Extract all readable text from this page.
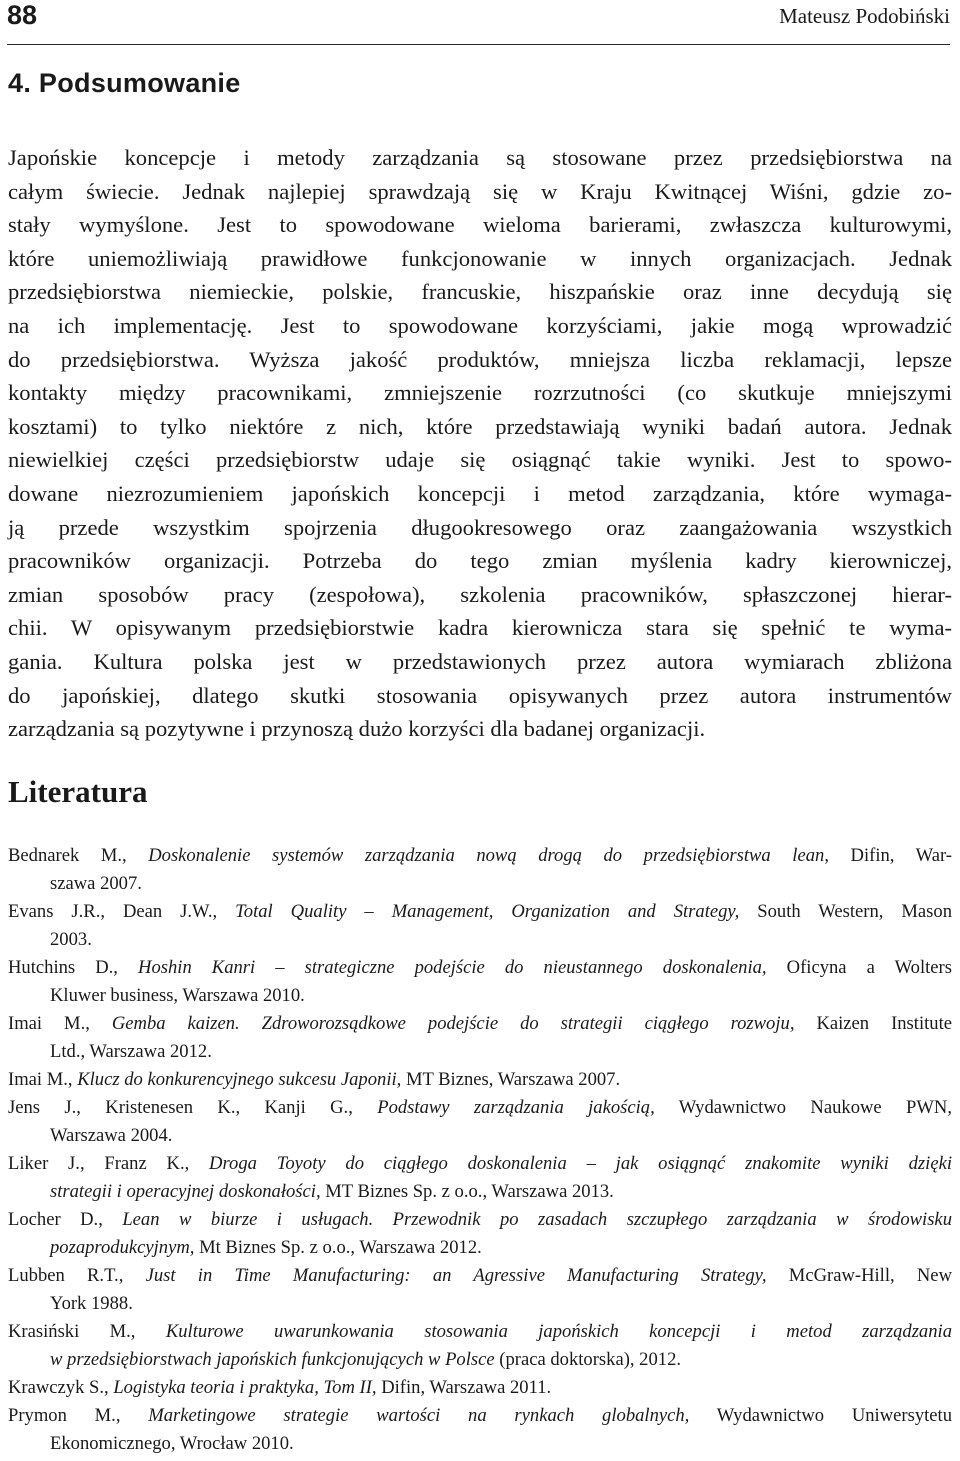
88	Mateusz Podobiński
4. Podsumowanie
Japońskie koncepcje i metody zarządzania są stosowane przez przedsiębiorstwa na
całym świecie. Jednak najlepiej sprawdzają się w Kraju Kwitnącej Wiśni, gdzie zo-
stały wymyślone. Jest to spowodowane wieloma barierami, zwłaszcza kulturowymi,
które uniemożliwiają prawidłowe funkcjonowanie w innych organizacjach. Jednak
przedsiębiorstwa niemieckie, polskie, francuskie, hiszpańskie oraz inne decydują się
na ich implementację. Jest to spowodowane korzyściami, jakie mogą wprowadzić
do przedsiębiorstwa. Wyższa jakość produktów, mniejsza liczba reklamacji, lepsze
kontakty między pracownikami, zmniejszenie rozrzutności (co skutkuje mniejszymi
kosztami) to tylko niektóre z nich, które przedstawiają wyniki badań autora. Jednak
niewielkiej części przedsiębiorstw udaje się osiągnąć takie wyniki. Jest to spowo-
dowane niezrozumieniem japońskich koncepcji i metod zarządzania, które wymaga-
ją przede wszystkim spojrzenia długookresowego oraz zaangażowania wszystkich
pracowników organizacji. Potrzeba do tego zmian myślenia kadry kierowniczej,
zmian sposobów pracy (zespołowa), szkolenia pracowników, spłaszczonej hierar-
chii. W opisywanym przedsiębiorstwie kadra kierownicza stara się spełnić te wyma-
gania. Kultura polska jest w przedstawionych przez autora wymiarach zbliżona
do japońskiej, dlatego skutki stosowania opisywanych przez autora instrumentów
zarządzania są pozytywne i przynoszą dużo korzyści dla badanej organizacji.
Literatura
Bednarek M., Doskonalenie systemów zarządzania nową drogą do przedsiębiorstwa lean, Difin, War-
szawa 2007.
Evans J.R., Dean J.W., Total Quality – Management, Organization and Strategy, South Western, Mason
2003.
Hutchins D., Hoshin Kanri – strategiczne podejście do nieustannego doskonalenia, Oficyna a Wolters
Kluwer business, Warszawa 2010.
Imai M., Gemba kaizen. Zdroworozsądkowe podejście do strategii ciągłego rozwoju, Kaizen Institute
Ltd., Warszawa 2012.
Imai M., Klucz do konkurencyjnego sukcesu Japonii, MT Biznes, Warszawa 2007.
Jens J., Kristenesen K., Kanji G., Podstawy zarządzania jakością, Wydawnictwo Naukowe PWN,
Warszawa 2004.
Liker J., Franz K., Droga Toyoty do ciągłego doskonalenia – jak osiągnąć znakomite wyniki dzięki
strategii i operacyjnej doskonałości, MT Biznes Sp. z o.o., Warszawa 2013.
Locher D., Lean w biurze i usługach. Przewodnik po zasadach szczupłego zarządzania w środowisku
pozaprodukcyjnym, Mt Biznes Sp. z o.o., Warszawa 2012.
Lubben R.T., Just in Time Manufacturing: an Agressive Manufacturing Strategy, McGraw-Hill, New
York 1988.
Krasiński M., Kulturowe uwarunkowania stosowania japońskich koncepcji i metod zarządzania
w przedsiębiorstwach japońskich funkcjonujących w Polsce (praca doktorska), 2012.
Krawczyk S., Logistyka teoria i praktyka, Tom II, Difin, Warszawa 2011.
Prymon M., Marketingowe strategie wartości na rynkach globalnych, Wydawnictwo Uniwersytetu
Ekonomicznego, Wrocław 2010.
